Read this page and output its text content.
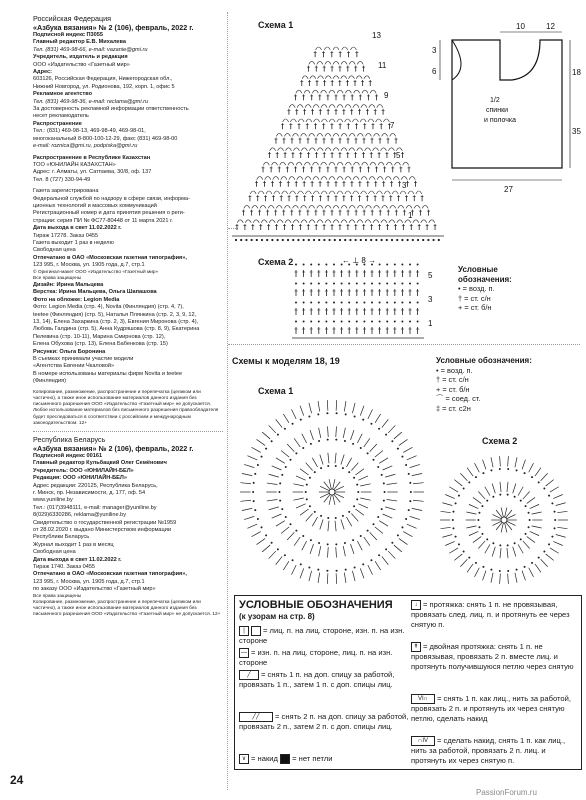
Российская Федерация
«Азбука вязания» № 2 (106), февраль, 2022 г.
Подписной индекс П3055
Главный редактор Е.В. Михалева
Тел. (831) 469-98-66, e-mail: vazanie@gmi.ru
Учредитель, издатель и редакция
ООО «Издательство «Газетный мир»
Адрес:
603126, Российская Федерация, Нижегородская обл.,
Нижний Новгород, ул. Родионова, 192, корп. 1, офис 5
Рекламное агентство
Тел. (831) 469-98-36, e-mail: reclama@gmi.ru
За достоверность рекламной информации ответственность
несет рекламодатель
Распространение
Тел.: (831) 469-98-13, 469-98-49, 469-98-01,
многоканальный 8-800-100-12-29, факс (831) 469-98-00
e-mail: roznica@gmi.ru, podpiska@gmi.ru
Распространение в Республике Казахстан
ТОО «ЮНИЛАЙН КАЗАХСТАН»
Адрес: г. Алматы, ул. Сатпаева, 30/8, оф. 137
Тел. 8 (727) 330-94-49
Газета зарегистрирована
Федеральной службой по надзору в сфере связи, информа-
ционных технологий и массовых коммуникаций
Регистрационный номер и дата принятия решения о реги-
страции: серия ПИ № ФС77-80448 от 11 марта 2021 г.
Дата выхода в свет 11.02.2022 г.
Тираж 17278. Заказ 0455
Газета выходит 1 раз в неделю
Свободная цена
Отпечатано в ОАО «Московская газетная типография»,
123 995, г. Москва, ул. 1905 года, д.7, стр.1
© Оригинал-макет ООО «Издательство «Газетный мир»
Все права защищены
Дизайн: Ирина Мальцева
Верстка: Ирина Мальцева, Ольга Шапашова
Фото на обложке: Legion Media
Фото: Legion Media (стр. 4), Novita (Финляндия) (стр. 4, 7),
teetee (Финляндия) (стр. 5), Наталья Плянкина (стр. 2, 3, 9, 12,
13, 14), Елена Захаркина (стр. 2, 3), Евгения Миронова (стр. 4),
Любовь Галдина (стр. 5), Анна Кудряшова (стр. 8, 9), Екатерина
Пелевина (стр. 10-11), Марина Смирнова (стр. 12),
Елена Обухова (стр. 13), Елена Бабенкова (стр. 15)
Рисунки: Ольга Боронина
В съемках принимали участие модели
«Агентства Евгении Чкаловой»
В номере использованы материалы фирм Novita и teetee
(Финляндия)
Копирование, размножение, распространение и перепечатка (целиком или частично), а также иное использование материалов данного издания без письменного разрешения ООО «Издательство «Газетный мир» не допускается. Любое использование материалов без письменного разрешения правообладателя будет преследоваться в соответствии с российским и международным законодательством. 12+
Республика Беларусь
«Азбука вязания» № 2 (106), февраль, 2022 г.
Подписной индекс 00161
Главный редактор Кульбацкий Олег Семёнович
Учредитель: ООО «ЮНИЛАЙН-БЕЛ»
Редакция: ООО «ЮНИЛАЙН-БЕЛ»
Адрес редакции: 220125, Республика Беларусь,
г. Минск, пр. Независимости, д. 177, оф. 54
www.yuniline.by
Тел.: (017)3948111, e-mail: manager@yuniline.by
8(029)6330286, reklama@yuniline.by
Свидетельство о государственной регистрации №1959
от 28.02.2020 г. выдано Министерством информации
Республики Беларусь
Журнал выходит 1 раз в месяц
Свободная цена
Дата выхода в свет 11.02.2022 г.
Тираж 1740. Заказ 0455
Отпечатано в ОАО «Московская газетная типография»,
123 995, г. Москва, ул. 1905 года, д.7, стр.1
по заказу ООО «Издательство «Газетный мир»
Все права защищены
Копирование, размножение, распространение и перепечатка (целиком или частично), а также иное использование материалов данного издания без письменного разрешения ООО «Издательство «Газетный мир» не допускается. 12+
Схема 1
13
11
9
7
5
3
1
10	12
3
18
35
6
27
1/2
спинки
и полочка
Схема 2	← ⊥ 8 →
5
3
1
Условные
обозначения:
• = возд. п.
† = ст. с/н
+ = ст. б/н
Схемы к моделям 18, 19	Условные обозначения:
• = возд. п.
† = ст. с/н
+ = ст. б/н
⌒ = соед. ст.
‡ = ст. с2н
Схема 1
Схема 2
УСЛОВНЫЕ ОБОЗНАЧЕНИЯ
(к узорам на стр. 8)
| = лиц. п. на лиц. стороне, изн. п. на изн. стороне
— = изн. п. на лиц. стороне, лиц. п. на изн. стороне
╱ = снять 1 п. на доп. спицу за работой, провязать 1 п., затем 1 п. с доп. спицы лиц.
╱╱ = снять 2 п. на доп. спицу за работой, провязать 2 п., затем 2 п. с доп. спицы лиц.
∨ = накид = нет петли
↓ = протяжка: снять 1 п. не провязывая, провязать след. лиц. п. и протянуть ее через снятую п.
↟ = двойная протяжка: снять 1 п. не провязывая, провязать 2 п. вместе лиц. и протянуть получившуюся петлю через снятую
VI∩ = снять 1 п. как лиц., нить за работой, провязать 2 п. и протянуть их через снятую петлю, сделать накид
∩IV = сделать накид, снять 1 п. как лиц., нить за работой, провязать 2 п. лиц. и протянуть их через снятую п.
24
PassionForum.ru
